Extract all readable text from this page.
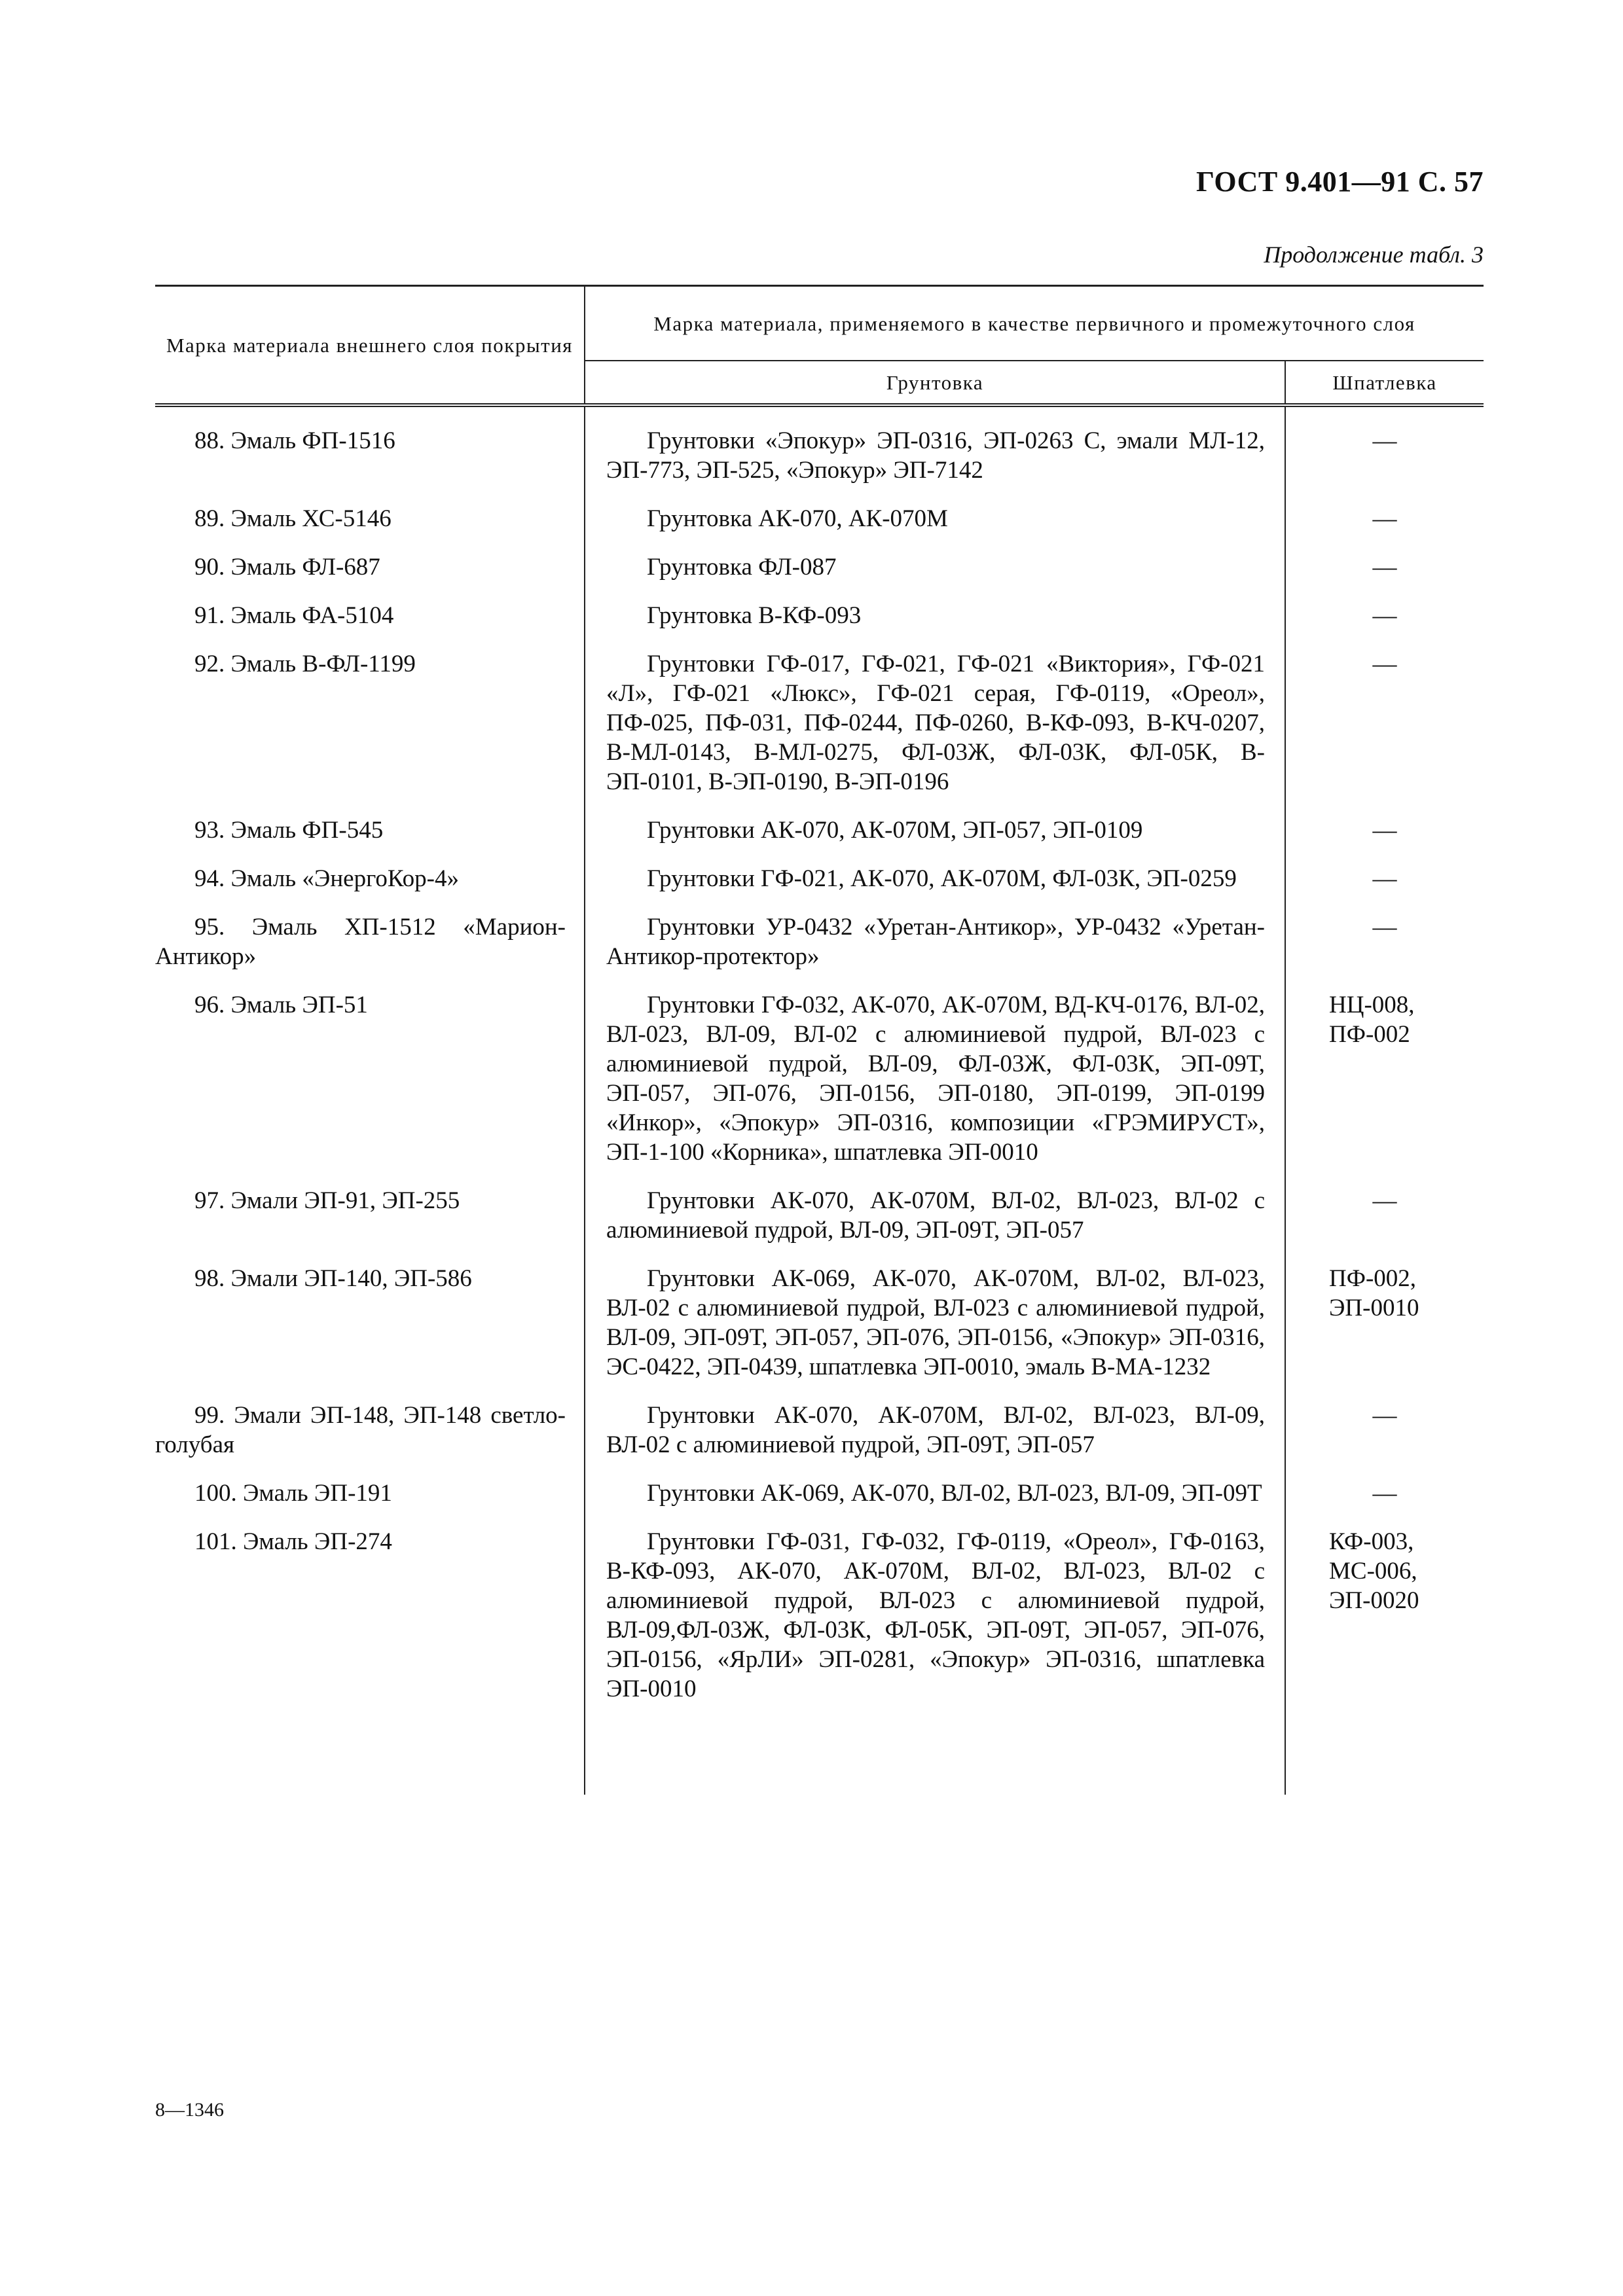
ГОСТ 9.401—91 С. 57
Продолжение табл. 3
Марка материала внешнего слоя покрытия	Марка материала, применяемого в качестве первичного и промежуточного слоя	
	Грунтовка	Шпатлевка
88. Эмаль ФП-1516	Грунтовки «Эпокур» ЭП-0316, ЭП-0263 С, эмали МЛ-12, ЭП-773, ЭП-525, «Эпокур» ЭП-7142	—
89. Эмаль ХС-5146	Грунтовка АК-070, АК-070М	—
90. Эмаль ФЛ-687	Грунтовка ФЛ-087	—
91. Эмаль ФА-5104	Грунтовка В-КФ-093	—
92. Эмаль В-ФЛ-1199	Грунтовки ГФ-017, ГФ-021, ГФ-021 «Виктория», ГФ-021 «Л», ГФ-021 «Люкс», ГФ-021 серая, ГФ-0119, «Ореол», ПФ-025, ПФ-031, ПФ-0244, ПФ-0260, В-КФ-093, В-КЧ-0207, В-МЛ-0143, В-МЛ-0275, ФЛ-03Ж, ФЛ-03К, ФЛ-05К, В-ЭП-0101, В-ЭП-0190, В-ЭП-0196	—
93. Эмаль ФП-545	Грунтовки АК-070, АК-070М, ЭП-057, ЭП-0109	—
94. Эмаль «ЭнергоКор-4»	Грунтовки ГФ-021, АК-070, АК-070М, ФЛ-03К, ЭП-0259	—
95. Эмаль ХП-1512 «Марион-Антикор»	Грунтовки УР-0432 «Уретан-Антикор», УР-0432 «Уретан-Антикор-протектор»	—
96. Эмаль ЭП-51	Грунтовки ГФ-032, АК-070, АК-070М, ВД-КЧ-0176, ВЛ-02, ВЛ-023, ВЛ-09, ВЛ-02 с алюминиевой пудрой, ВЛ-023 с алюминиевой пудрой, ВЛ-09, ФЛ-03Ж, ФЛ-03К, ЭП-09Т, ЭП-057, ЭП-076, ЭП-0156, ЭП-0180, ЭП-0199, ЭП-0199 «Инкор», «Эпокур» ЭП-0316, композиции «ГРЭМИРУСТ», ЭП-1-100 «Корника», шпатлевка ЭП-0010	НЦ-008, ПФ-002
97. Эмали ЭП-91, ЭП-255	Грунтовки АК-070, АК-070М, ВЛ-02, ВЛ-023, ВЛ-02 с алюминиевой пудрой, ВЛ-09, ЭП-09Т, ЭП-057	—
98. Эмали ЭП-140, ЭП-586	Грунтовки АК-069, АК-070, АК-070М, ВЛ-02, ВЛ-023, ВЛ-02 с алюминиевой пудрой, ВЛ-023 с алюминиевой пудрой, ВЛ-09, ЭП-09Т, ЭП-057, ЭП-076, ЭП-0156, «Эпокур» ЭП-0316, ЭС-0422, ЭП-0439, шпатлевка ЭП-0010, эмаль В-МА-1232	ПФ-002, ЭП-0010
99. Эмали ЭП-148, ЭП-148 светло-голубая	Грунтовки АК-070, АК-070М, ВЛ-02, ВЛ-023, ВЛ-09, ВЛ-02 с алюминиевой пудрой, ЭП-09Т, ЭП-057	—
100. Эмаль ЭП-191	Грунтовки АК-069, АК-070, ВЛ-02, ВЛ-023, ВЛ-09, ЭП-09Т	—
101. Эмаль ЭП-274	Грунтовки ГФ-031, ГФ-032, ГФ-0119, «Ореол», ГФ-0163, В-КФ-093, АК-070, АК-070М, ВЛ-02, ВЛ-023, ВЛ-02 с алюминиевой пудрой, ВЛ-023 с алюминиевой пудрой, ВЛ-09,ФЛ-03Ж, ФЛ-03К, ФЛ-05К, ЭП-09Т, ЭП-057, ЭП-076, ЭП-0156, «ЯрЛИ» ЭП-0281, «Эпокур» ЭП-0316, шпатлевка ЭП-0010	КФ-003, МС-006, ЭП-0020

8—1346
